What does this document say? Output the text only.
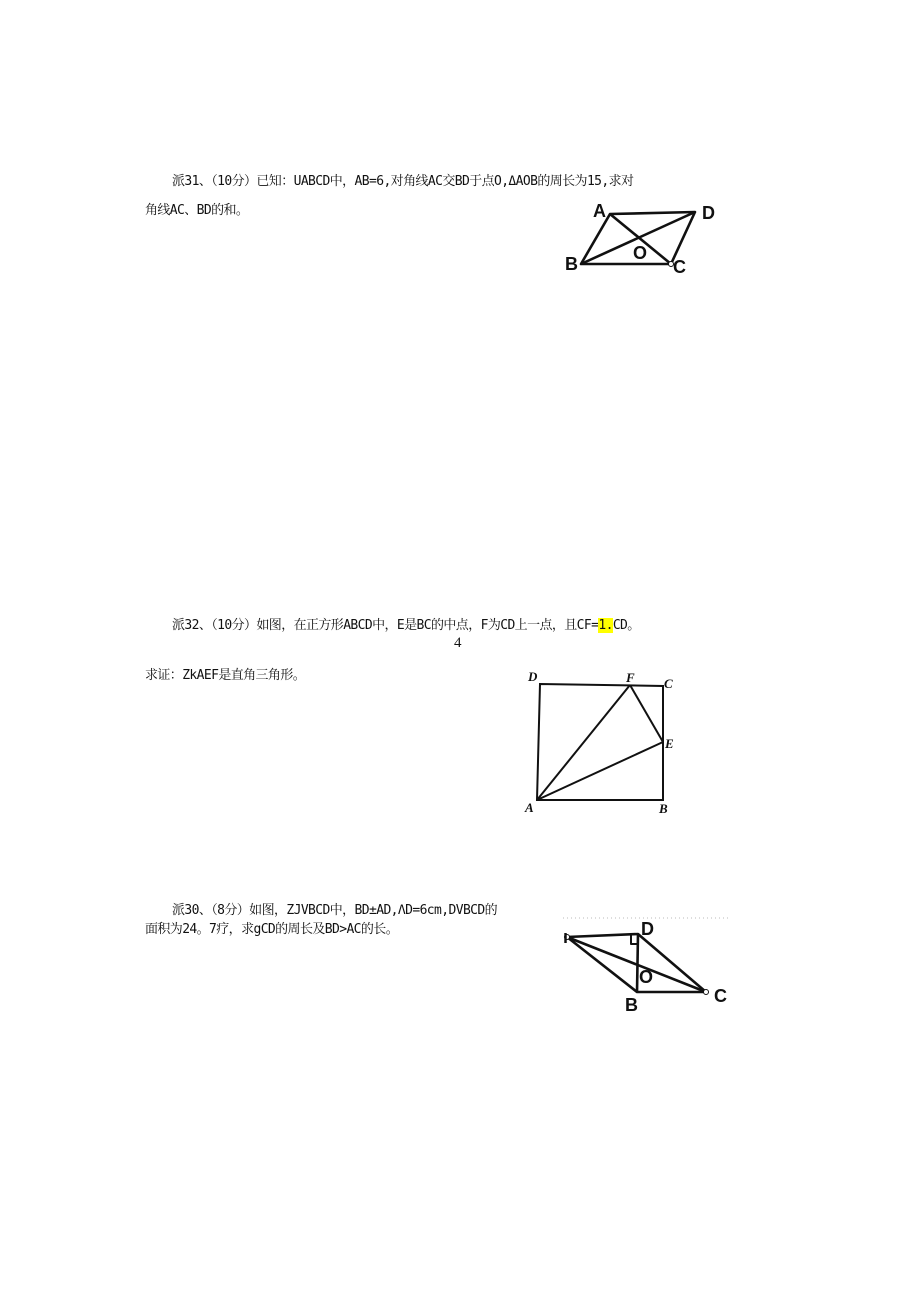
派31、（10分）已知：UABCD中，AB=6,对角线AC交BD于点O,ΔAOB的周长为15,求对
角线AC、BD的和。	A	D
B
O
C
派32、（10分）如图，在正方形ABCD中，E是BC的中点，F为CD上一点，且CF=1.CD。
4
求证：ZkAEF是直角三角形。	D	F C
E
A	B
派30、（8分）如图，ZJVBCD中，BD±AD,ΛD=6cm,DVBCD的
面积为24。7疗，求gCD的周长及BD>AC的长。	ı	D
O
B	C
